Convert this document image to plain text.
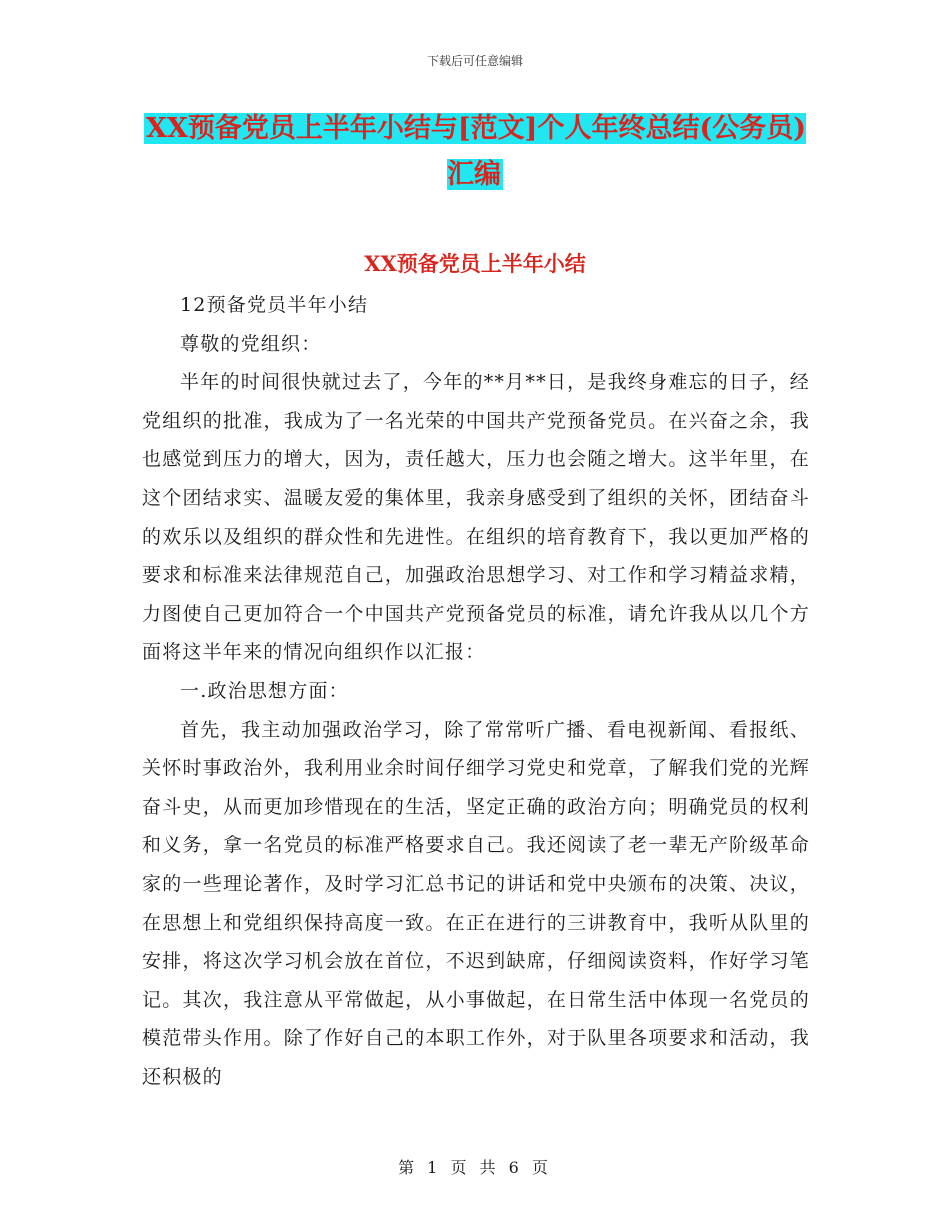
下载后可任意编辑
XX预备党员上半年小结与[范文]个人年终总结(公务员)汇编
XX预备党员上半年小结

12预备党员半年小结

尊敬的党组织：

半年的时间很快就过去了，今年的**月**日，是我终身难忘的日子，经党组织的批准，我成为了一名光荣的中国共产党预备党员。在兴奋之余，我也感觉到压力的增大，因为，责任越大，压力也会随之增大。这半年里，在这个团结求实、温暖友爱的集体里，我亲身感受到了组织的关怀，团结奋斗的欢乐以及组织的群众性和先进性。在组织的培育教育下，我以更加严格的要求和标准来法律规范自己，加强政治思想学习、对工作和学习精益求精，力图使自己更加符合一个中国共产党预备党员的标准，请允许我从以几个方面将这半年来的情况向组织作以汇报：

一.政治思想方面：

首先，我主动加强政治学习，除了常常听广播、看电视新闻、看报纸、关怀时事政治外，我利用业余时间仔细学习党史和党章，了解我们党的光辉奋斗史，从而更加珍惜现在的生活，坚定正确的政治方向；明确党员的权利和义务，拿一名党员的标准严格要求自己。我还阅读了老一辈无产阶级革命家的一些理论著作，及时学习汇总书记的讲话和党中央颁布的决策、决议，在思想上和党组织保持高度一致。在正在进行的三讲教育中，我听从队里的安排，将这次学习机会放在首位，不迟到缺席，仔细阅读资料，作好学习笔记。其次，我注意从平常做起，从小事做起，在日常生活中体现一名党员的模范带头作用。除了作好自己的本职工作外，对于队里各项要求和活动，我还积极的

第 1 页 共 6 页
